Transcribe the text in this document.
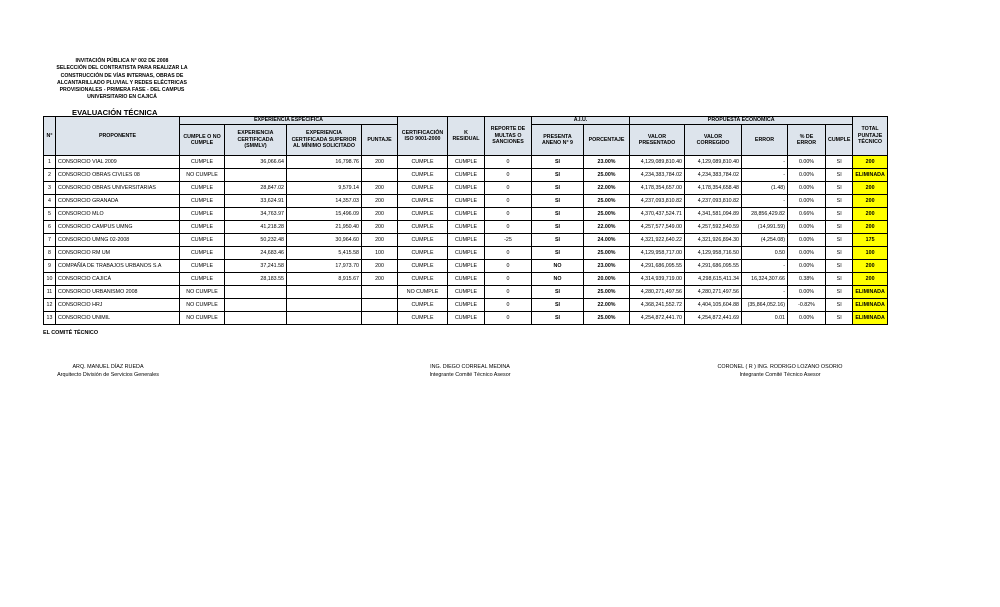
INVITACIÓN PÚBLICA N° 002 DE 2008
SELECCIÓN DEL CONTRATISTA PARA REALIZAR LA
CONSTRUCCIÓN DE VÍAS INTERNAS, OBRAS DE
ALCANTARILLADO PLUVIAL Y REDES ELÉCTRICAS
PROVISIONALES - PRIMERA FASE - DEL CAMPUS
UNIVERSITARIO EN CAJICÁ
EVALUACIÓN TÉCNICA
N°	PROPONENTE	EXPERIENCIA ESPECÍFICA				CERTIFICACIÓN ISO 9001-2000	K RESIDUAL	REPORTE DE MULTAS O SANCIONES	A.I.U.		PROPUESTA ECONÓMICA					TOTAL PUNTAJE TÉCNICO
		CUMPLE O NO CUMPLE	EXPERIENCIA CERTIFICADA (SMMLV)	EXPERIENCIA CERTIFICADA SUPERIOR AL MÍNIMO SOLICITADO	PUNTAJE				PRESENTA ANENO N° 9	PORCENTAJE	VALOR PRESENTADO	VALOR CORREGIDO	ERROR	% DE ERROR	CUMPLE	
1	CONSORCIO VIAL 2009	CUMPLE	36,066.64	16,798.76	200	CUMPLE	CUMPLE	0	SI	23.00%	4,129,089,810.40	4,129,089,810.40	-	0.00%	SI	200
2	CONSORCIO OBRAS CIVILES 08	NO CUMPLE				CUMPLE	CUMPLE	0	SI	25.00%	4,234,383,784.02	4,234,383,784.02	-	0.00%	SI	ELIMINADA
3	CONSORCIO OBRAS UNIVERSITARIAS	CUMPLE	28,847.02	9,579.14	200	CUMPLE	CUMPLE	0	SI	22.00%	4,178,354,657.00	4,178,354,658.48	(1.48)	0.00%	SI	200
4	CONSORCIO GRANADA	CUMPLE	33,624.91	14,357.03	200	CUMPLE	CUMPLE	0	SI	25.00%	4,237,093,810.82	4,237,093,810.82	-	0.00%	SI	200
5	CONSORCIO MLO	CUMPLE	34,763.97	15,496.09	200	CUMPLE	CUMPLE	0	SI	25.00%	4,370,437,524.71	4,341,581,094.89	28,856,429.82	0.66%	SI	200
6	CONSORCIO CAMPUS UMNG	CUMPLE	41,218.28	21,950.40	200	CUMPLE	CUMPLE	0	SI	22.00%	4,257,577,549.00	4,257,592,540.59	(14,991.59)	0.00%	SI	200
7	CONSORCIO UMNG 02-2008	CUMPLE	50,232.48	30,964.60	200	CUMPLE	CUMPLE	-25	SI	24.00%	4,321,922,640.22	4,321,926,894.30	(4,254.08)	0.00%	SI	175
8	CONSORCIO RM UM	CUMPLE	24,683.46	5,415.58	100	CUMPLE	CUMPLE	0	SI	25.00%	4,129,958,717.00	4,129,958,716.50	0.50	0.00%	SI	100
9	COMPAÑÍA DE TRABAJOS URBANOS S.A	CUMPLE	37,241.58	17,973.70	200	CUMPLE	CUMPLE	0	NO	23.00%	4,291,686,095.55	4,291,686,095.55	-	0.00%	SI	200
10	CONSORCIO CAJICÁ	CUMPLE	28,183.55	8,915.67	200	CUMPLE	CUMPLE	0	NO	20.00%	4,314,939,719.00	4,298,615,411.34	16,324,307.66	0.38%	SI	200
11	CONSORCIO URBANISMO 2008	NO CUMPLE				NO CUMPLE	CUMPLE	0	SI	25.00%	4,280,271,497.56	4,280,271,497.56	-	0.00%	SI	ELIMINADA
12	CONSORCIO HRJ	NO CUMPLE				CUMPLE	CUMPLE	0	SI	22.00%	4,368,241,552.72	4,404,105,604.88	(35,864,052.16)	-0.82%	SI	ELIMINADA
13	CONSORCIO UNIMIL	NO CUMPLE				CUMPLE	CUMPLE	0	SI	25.00%	4,254,872,441.70	4,254,872,441.69	0.01	0.00%	SI	ELIMINADA
EL COMITÉ TÉCNICO
ARQ. MANUEL DÍAZ RUEDA
Arquitecto División de Servicios Generales
ING. DIEGO CORREAL MEDINA
Integrante Comité Técnico Asesor
CORONEL ( R ) ING. RODRIGO LOZANO OSORIO
Integrante Comité Técnico Asesor
